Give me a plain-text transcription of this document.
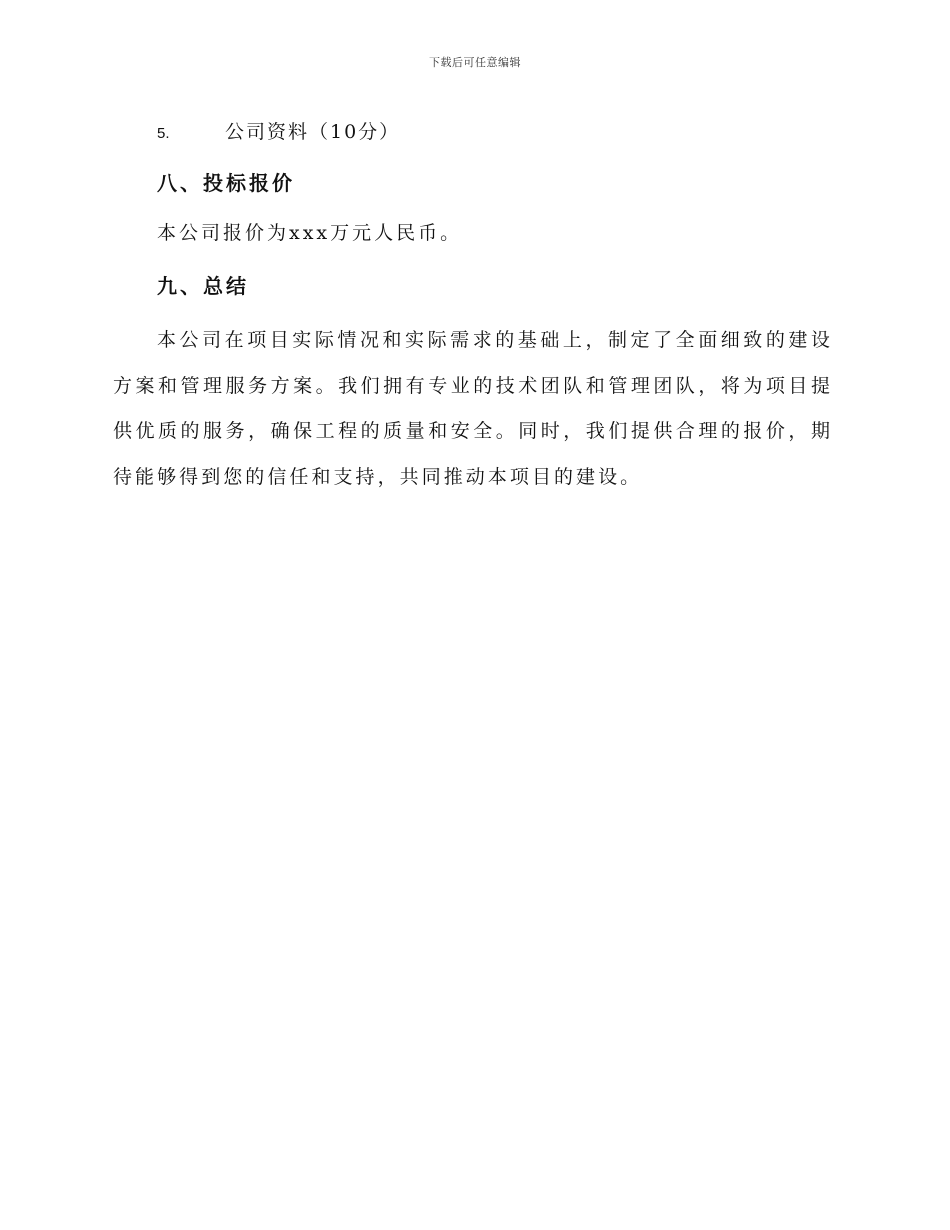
下载后可任意编辑
5.	公司资料（10分）
八、投标报价
本公司报价为xxx万元人民币。
九、总结

本公司在项目实际情况和实际需求的基础上，制定了全面细致的建设方案和管理服务方案。我们拥有专业的技术团队和管理团队，将为项目提供优质的服务，确保工程的质量和安全。同时，我们提供合理的报价，期待能够得到您的信任和支持，共同推动本项目的建设。
